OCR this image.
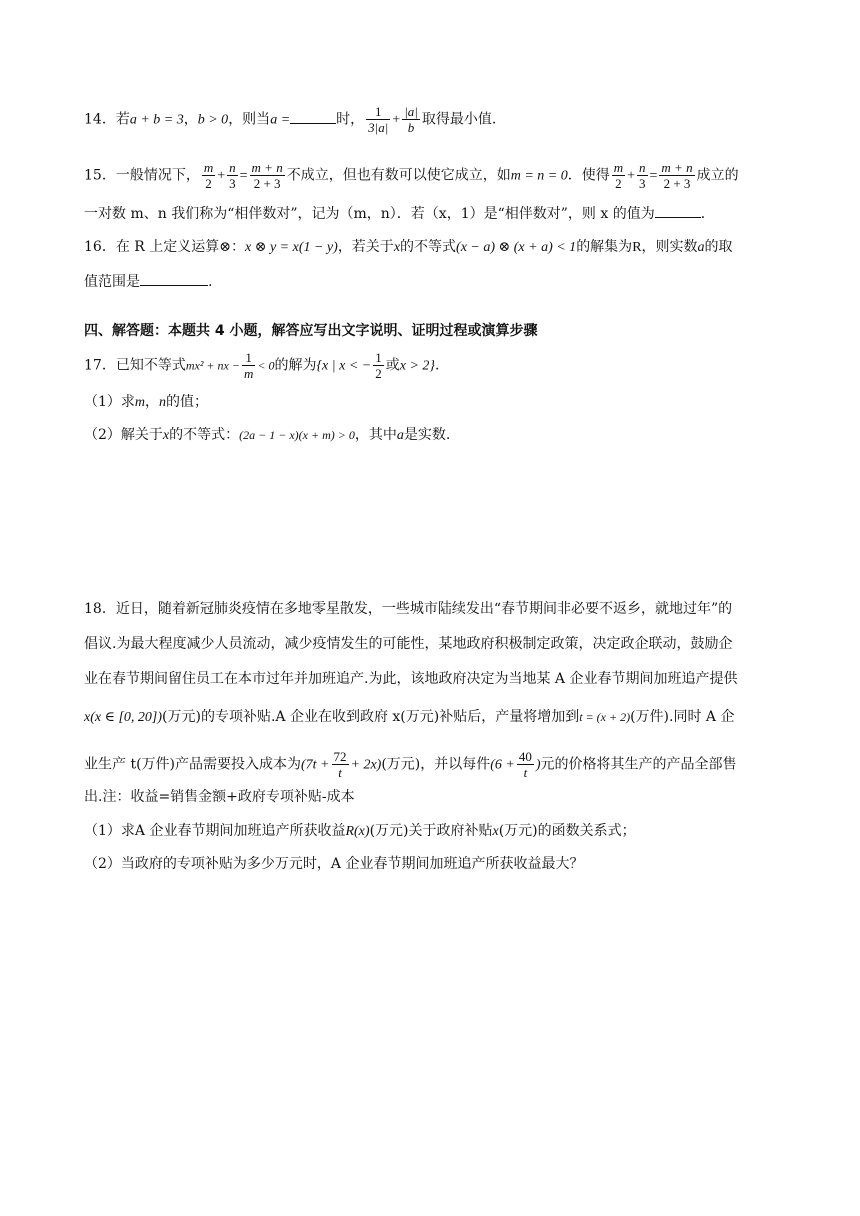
14．若a + b = 3，b > 0，则当a =	时， $\frac{1}{3|a|} + \frac{|a|}{b}$ 取得最小值.
15．一般情况下， $\frac{m}{2} + \frac{n}{3} = \frac{m + n}{2 + 3}$ 不成立，但也有数可以使它成立，如m = n = 0．使得 $\frac{m}{2} + \frac{n}{3} = \frac{m + n}{2 + 3}$ 成立的
一对数 m、n 我们称为“相伴数对”，记为（m，n）．若（x，1）是“相伴数对”，则 x 的值为	．
16．在 R 上定义运算⊗：x ⊗ y = x(1 − y)，若关于x的不等式(x − a) ⊗ (x + a) < 1的解集为R，则实数a的取
值范围是	.
四、解答题：本题共 4 小题，解答应写出文字说明、证明过程或演算步骤
17．已知不等式mx² + nx − $\frac{1}{m} < 0$的解为{x | x < − $\frac{1}{2}$ 或x > 2}.
（1）求m，n的值；
（2）解关于x的不等式：(2a − 1 − x)(x + m) > 0，其中a是实数.
18．近日，随着新冠肺炎疫情在多地零星散发，一些城市陆续发出“春节期间非必要不返乡，就地过年”的
倡议.为最大程度减少人员流动，减少疫情发生的可能性，某地政府积极制定政策，决定政企联动，鼓励企
业在春节期间留住员工在本市过年并加班追产.为此，该地政府决定为当地某 A 企业春节期间加班追产提供
x(x ∈ [0, 20])(万元)的专项补贴.A 企业在收到政府 x(万元)补贴后，产量将增加到t = (x + 2)(万件).同时 A 企
业生产 t(万件)产品需要投入成本为$(7t + \frac{72}{t} + 2x)$(万元)，并以每件($6 + \frac{40}{t}$ )元的价格将其生产的产品全部售
出.注：收益=销售金额+政府专项补贴-成本
（1）求A 企业春节期间加班追产所获收益R(x)(万元)关于政府补贴x(万元)的函数关系式；
（2）当政府的专项补贴为多少万元时，A 企业春节期间加班追产所获收益最大？
